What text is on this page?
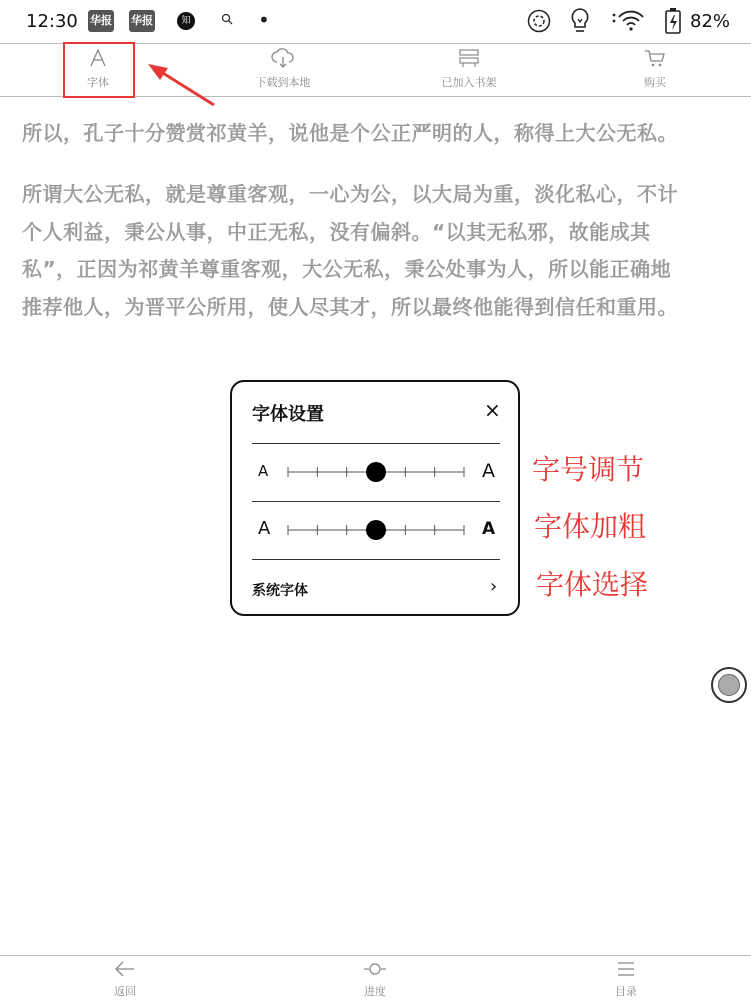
12:30 华报 华报	知	•	82%
字体	下载到本地	已加入书架	购买
所以，孔子十分赞赏祁黄羊，说他是个公正严明的人，称得上大公无私。
所谓大公无私，就是尊重客观，一心为公，以大局为重，淡化私心，不计
个人利益，秉公从事，中正无私，没有偏斜。“以其无私邪，故能成其
私”，正因为祁黄羊尊重客观，大公无私，秉公处事为人，所以能正确地
推荐他人，为晋平公所用，使人尽其才，所以最终他能得到信任和重用。
字体设置	×
A	A
A	A
系统字体	›
字号调节
字体加粗
字体选择
返回	进度	目录
